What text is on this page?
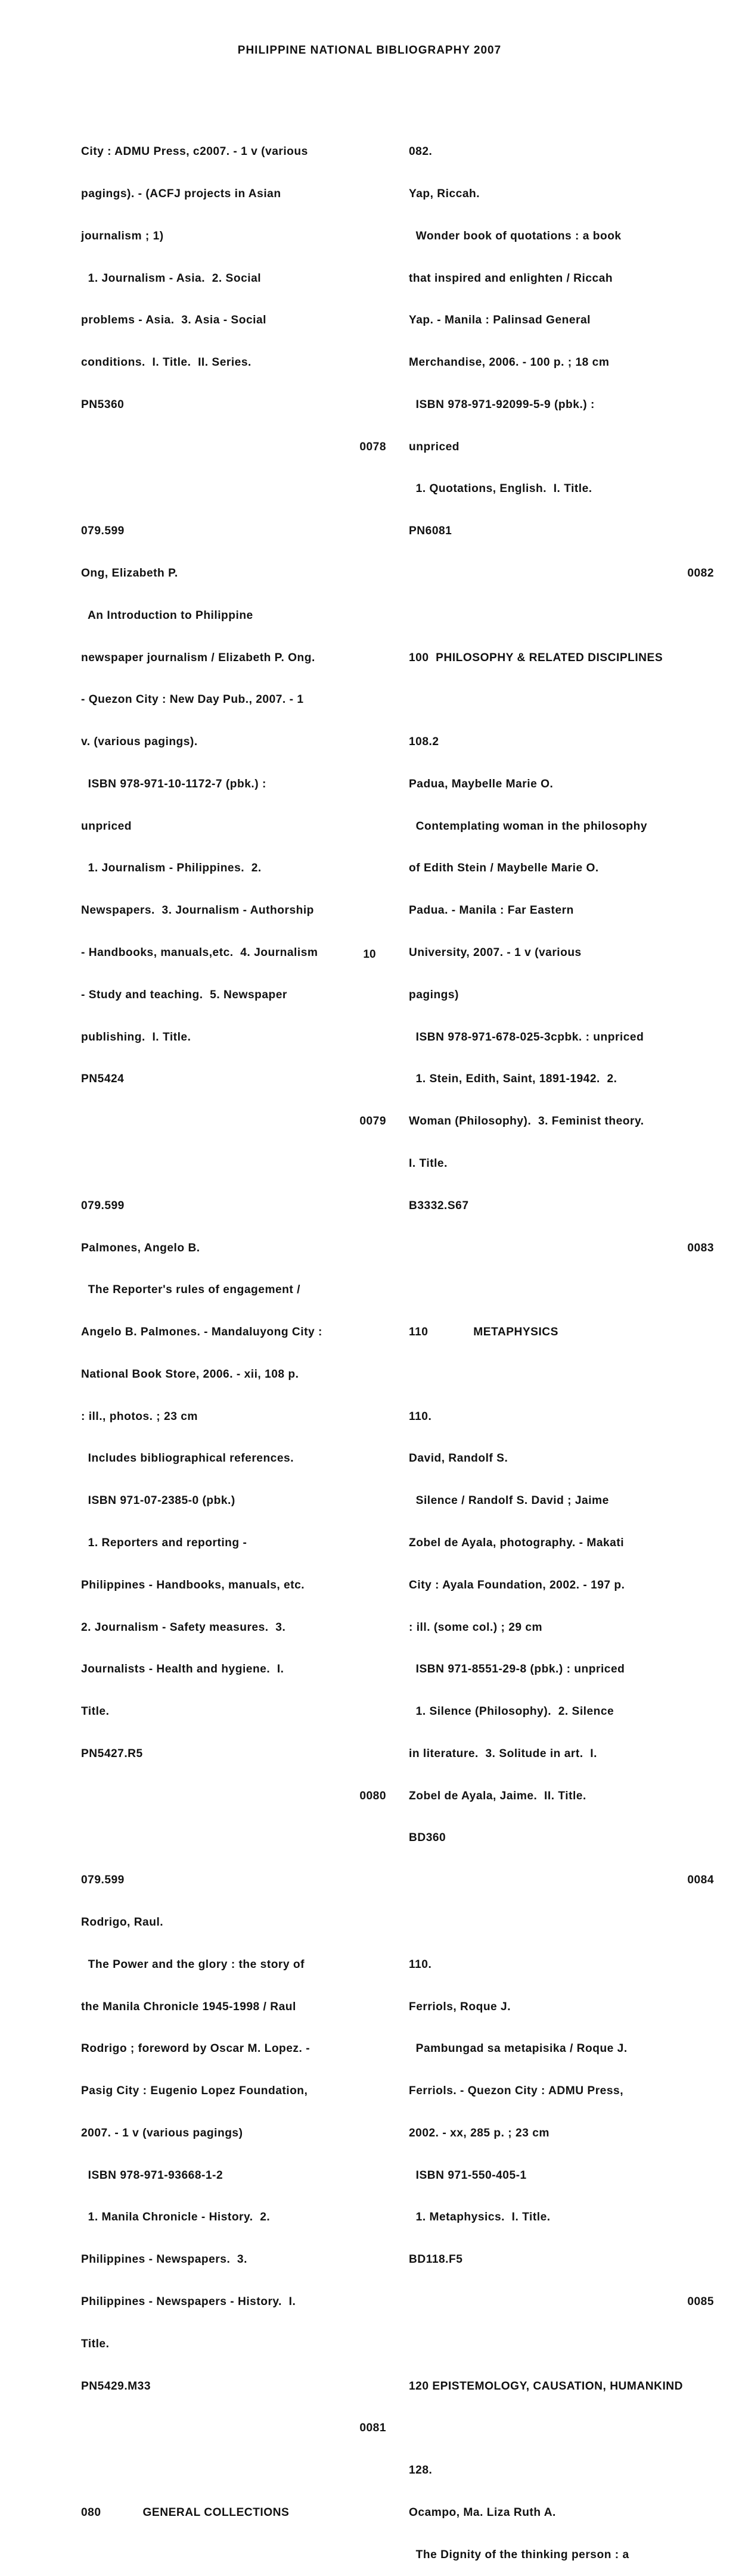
PHILIPPINE NATIONAL BIBLIOGRAPHY 2007

City : ADMU Press, c2007. - 1 v (various

pagings). - (ACFJ projects in Asian

journalism ; 1)

1. Journalism - Asia.  2. Social

problems - Asia.  3. Asia - Social

conditions.  I. Title.  II. Series.

PN5360

0078

079.599

Ong, Elizabeth P.

An Introduction to Philippine

newspaper journalism / Elizabeth P. Ong.

- Quezon City : New Day Pub., 2007. - 1

v. (various pagings).

ISBN 978-971-10-1172-7 (pbk.) :

unpriced

1. Journalism - Philippines.  2.

Newspapers.  3. Journalism - Authorship

- Handbooks, manuals,etc.  4. Journalism

- Study and teaching.  5. Newspaper

publishing.  I. Title.

PN5424

0079

079.599

Palmones, Angelo B.

The Reporter's rules of engagement /

Angelo B. Palmones. - Mandaluyong City :

National Book Store, 2006. - xii, 108 p.

: ill., photos. ; 23 cm

Includes bibliographical references.

ISBN 971-07-2385-0 (pbk.)

1. Reporters and reporting -

Philippines - Handbooks, manuals, etc.

2. Journalism - Safety measures.  3.

Journalists - Health and hygiene.  I.

Title.

PN5427.R5

0080

079.599

Rodrigo, Raul.

The Power and the glory : the story of

the Manila Chronicle 1945-1998 / Raul

Rodrigo ; foreword by Oscar M. Lopez. -

Pasig City : Eugenio Lopez Foundation,

2007. - 1 v (various pagings)

ISBN 978-971-93668-1-2

1. Manila Chronicle - History.  2.

Philippines - Newspapers.  3.

Philippines - Newspapers - History.  I.

Title.

PN5429.M33

0081

080            GENERAL COLLECTIONS

082.

Yap, Riccah.

Wonder book of quotations : a book

that inspired and enlighten / Riccah

Yap. - Manila : Palinsad General

Merchandise, 2006. - 100 p. ; 18 cm

ISBN 978-971-92099-5-9 (pbk.) :

unpriced

1. Quotations, English.  I. Title.

PN6081

0082

100  PHILOSOPHY & RELATED DISCIPLINES

108.2

Padua, Maybelle Marie O.

Contemplating woman in the philosophy

of Edith Stein / Maybelle Marie O.

Padua. - Manila : Far Eastern

University, 2007. - 1 v (various

pagings)

ISBN 978-971-678-025-3cpbk. : unpriced

1. Stein, Edith, Saint, 1891-1942.  2.

Woman (Philosophy).  3. Feminist theory.

I. Title.

B3332.S67

0083

110             METAPHYSICS

110.

David, Randolf S.

Silence / Randolf S. David ; Jaime

Zobel de Ayala, photography. - Makati

City : Ayala Foundation, 2002. - 197 p.

: ill. (some col.) ; 29 cm

ISBN 971-8551-29-8 (pbk.) : unpriced

1. Silence (Philosophy).  2. Silence

in literature.  3. Solitude in art.  I.

Zobel de Ayala, Jaime.  II. Title.

BD360

0084

110.

Ferriols, Roque J.

Pambungad sa metapisika / Roque J.

Ferriols. - Quezon City : ADMU Press,

2002. - xx, 285 p. ; 23 cm

ISBN 971-550-405-1

1. Metaphysics.  I. Title.

BD118.F5

0085

120 EPISTEMOLOGY, CAUSATION, HUMANKIND

128.

Ocampo, Ma. Liza Ruth A.

The Dignity of the thinking person : a

10
